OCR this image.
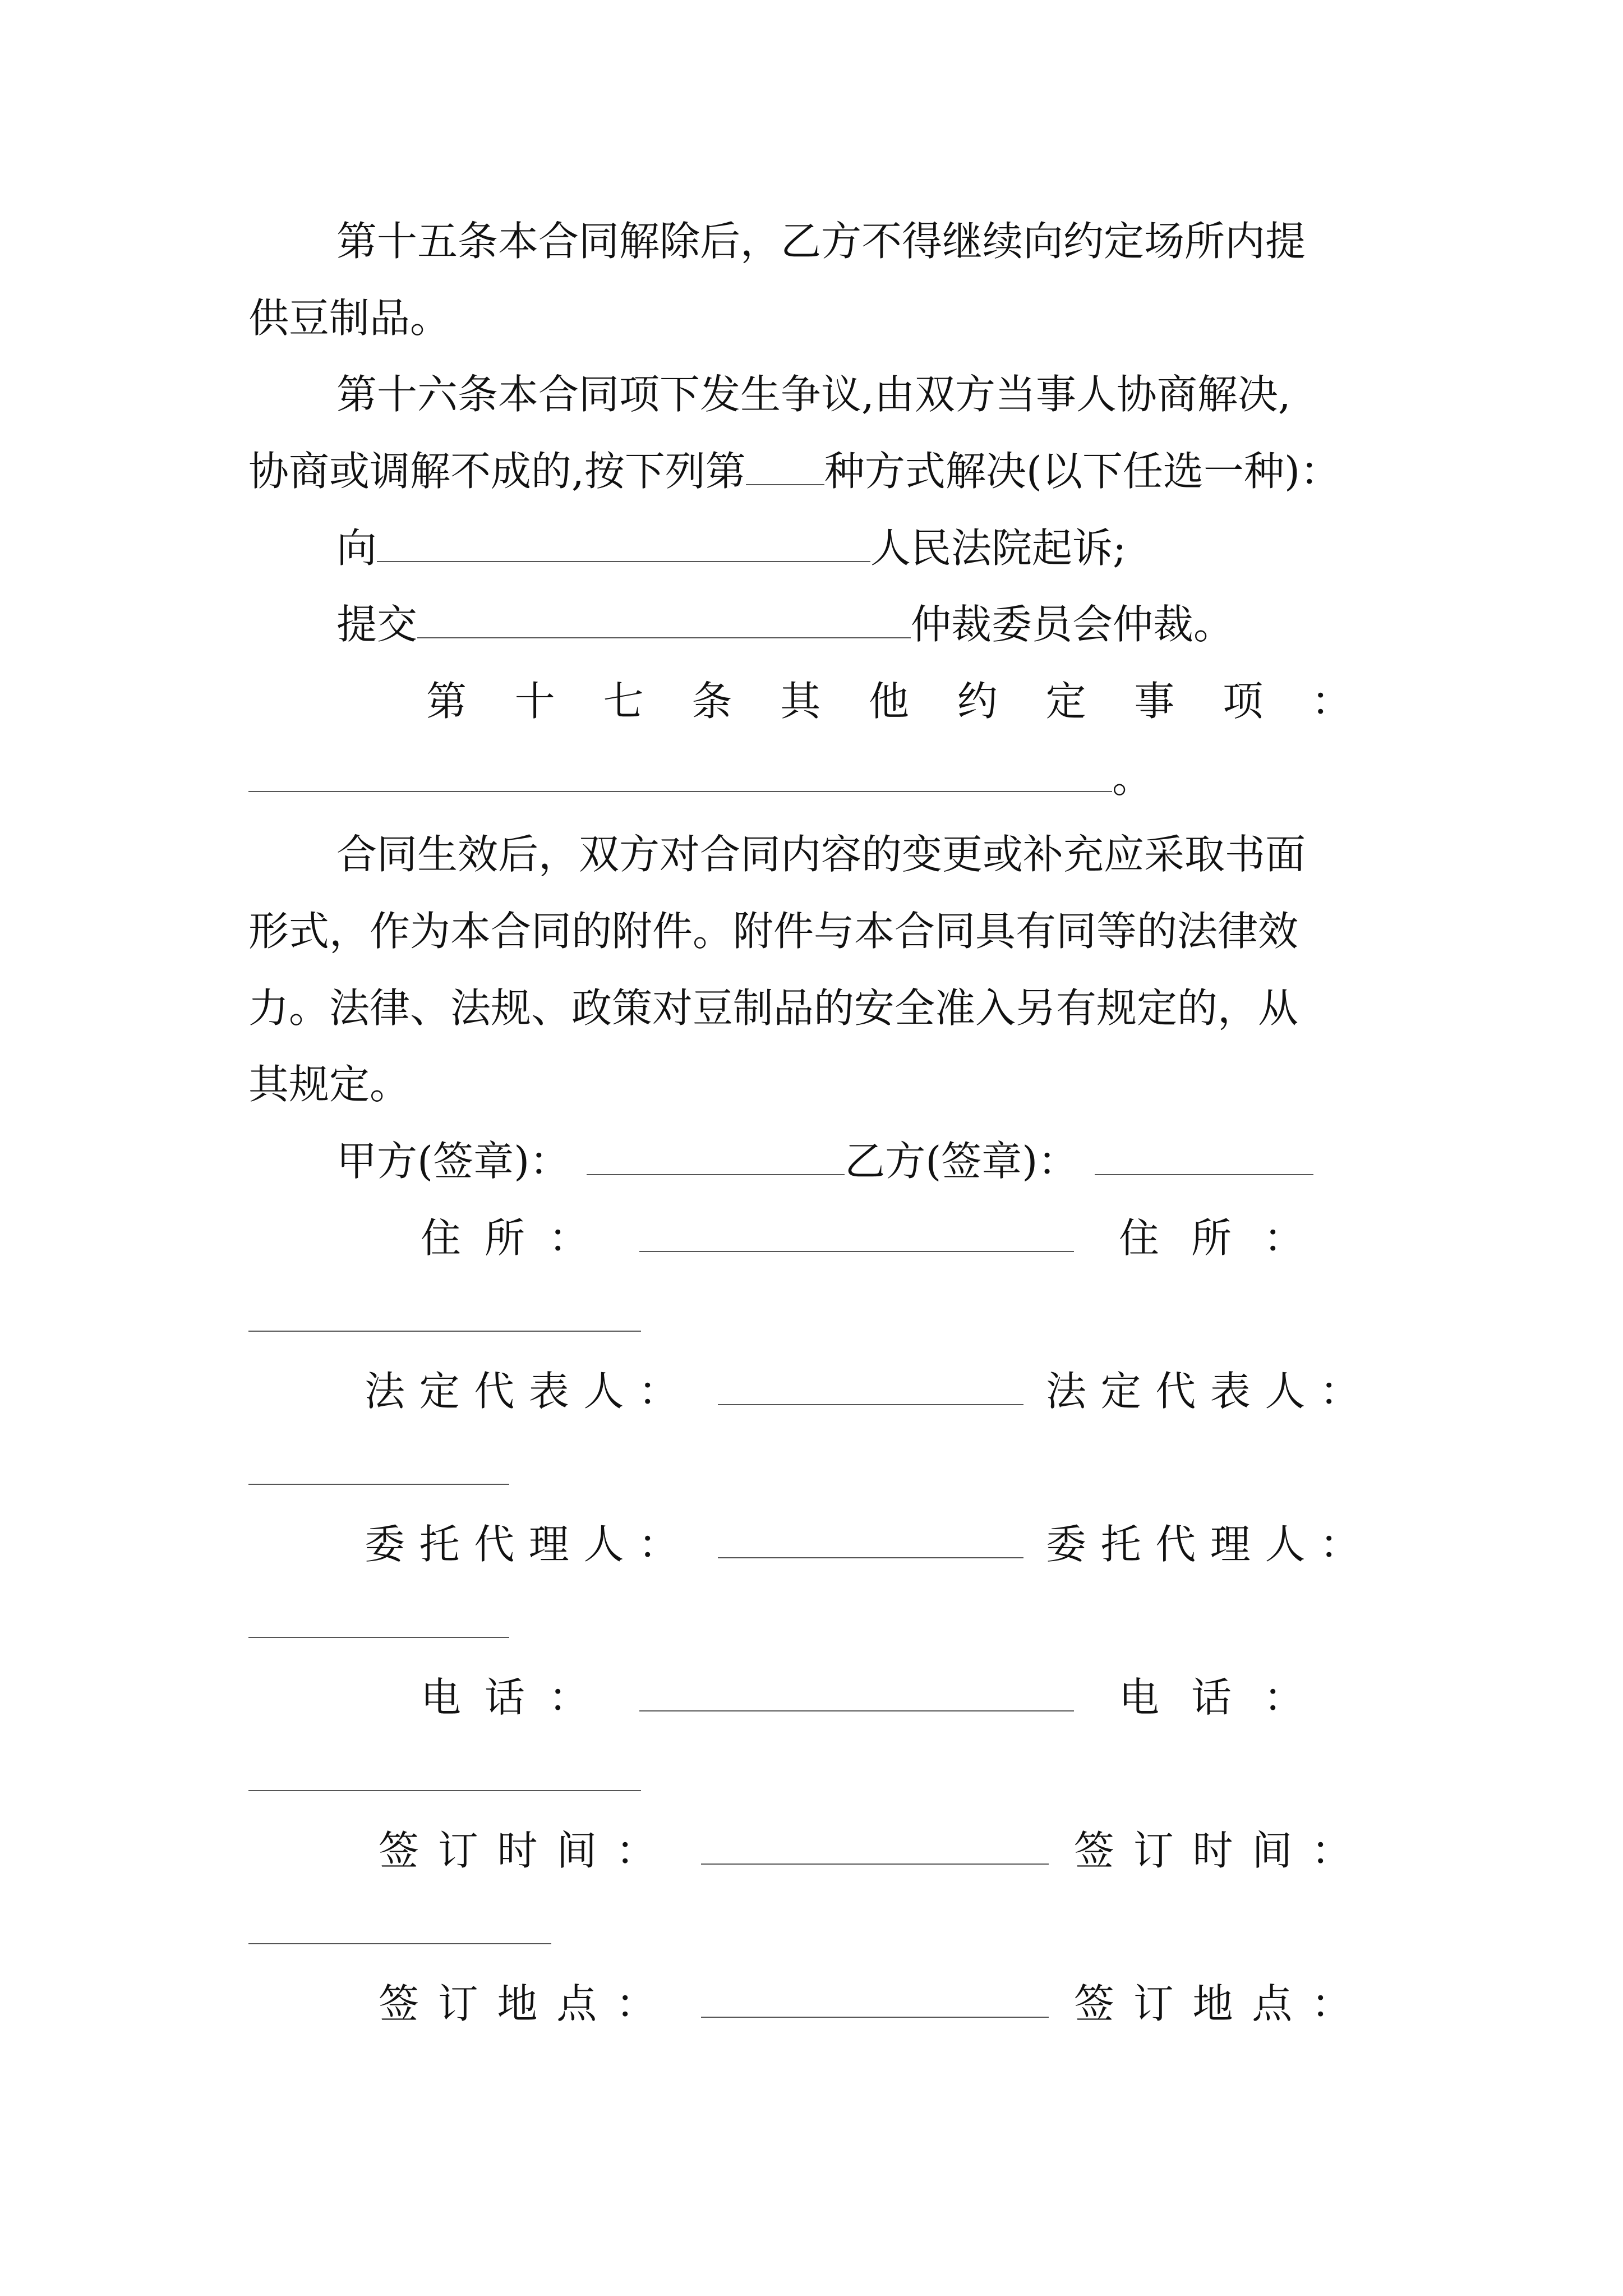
第十五条本合同解除后，乙方不得继续向约定场所内提
供豆制品。
第十六条本合同项下发生争议,由双方当事人协商解决,
协商或调解不成的,按下列第 种方式解决(以下任选一种)：
向	人民法院起诉;
提交	仲裁委员会仲裁。
第 十 七 条 其 他 约 定 事 项 ：
。
合同生效后，双方对合同内容的变更或补充应采取书面
形式，作为本合同的附件。附件与本合同具有同等的法律效
力。法律、法规、政策对豆制品的安全准入另有规定的，从
其规定。
甲方(签章)：	乙方(签章)：
住 所 ：	住 所 ：
法 定 代 表 人 ：	法 定 代 表 人 ：
委 托 代 理 人 ：	委 托 代 理 人 ：
电 话 ：	电 话 ：
签 订 时 间 ：	签 订 时 间 ：
签 订 地 点 ：	签 订 地 点 ：
